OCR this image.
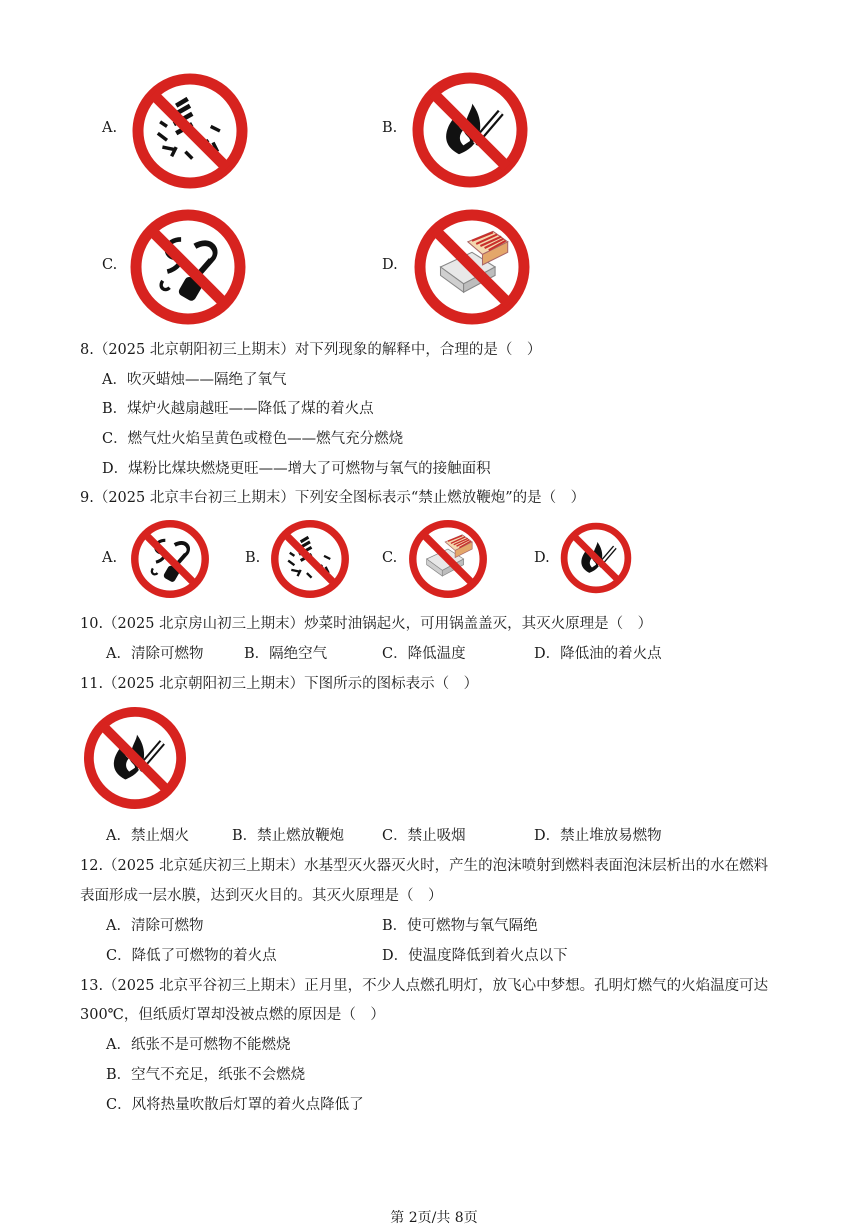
A.	B.
C.	D.
8.（2025 北京朝阳初三上期末）对下列现象的解释中，合理的是（　）
A．吹灭蜡烛——隔绝了氧气
B．煤炉火越扇越旺——降低了煤的着火点
C．燃气灶火焰呈黄色或橙色——燃气充分燃烧
D．煤粉比煤块燃烧更旺——增大了可燃物与氧气的接触面积
9.（2025 北京丰台初三上期末）下列安全图标表示“禁止燃放鞭炮”的是（　）
A.	B.	C.	D.
10.（2025 北京房山初三上期末）炒菜时油锅起火，可用锅盖盖灭，其灭火原理是（　）
A．清除可燃物	B．隔绝空气	C．降低温度	D．降低油的着火点
11.（2025 北京朝阳初三上期末）下图所示的图标表示（　）
A．禁止烟火	B．禁止燃放鞭炮	C．禁止吸烟	D．禁止堆放易燃物
12.（2025 北京延庆初三上期末）水基型灭火器灭火时，产生的泡沫喷射到燃料表面泡沫层析出的水在燃料
表面形成一层水膜，达到灭火目的。其灭火原理是（　）
A．清除可燃物	B．使可燃物与氧气隔绝
C．降低了可燃物的着火点	D．使温度降低到着火点以下
13.（2025 北京平谷初三上期末）正月里，不少人点燃孔明灯，放飞心中梦想。孔明灯燃气的火焰温度可达
300℃，但纸质灯罩却没被点燃的原因是（　）
A．纸张不是可燃物不能燃烧
B．空气不充足，纸张不会燃烧
C．风将热量吹散后灯罩的着火点降低了
第 2页/共 8页
